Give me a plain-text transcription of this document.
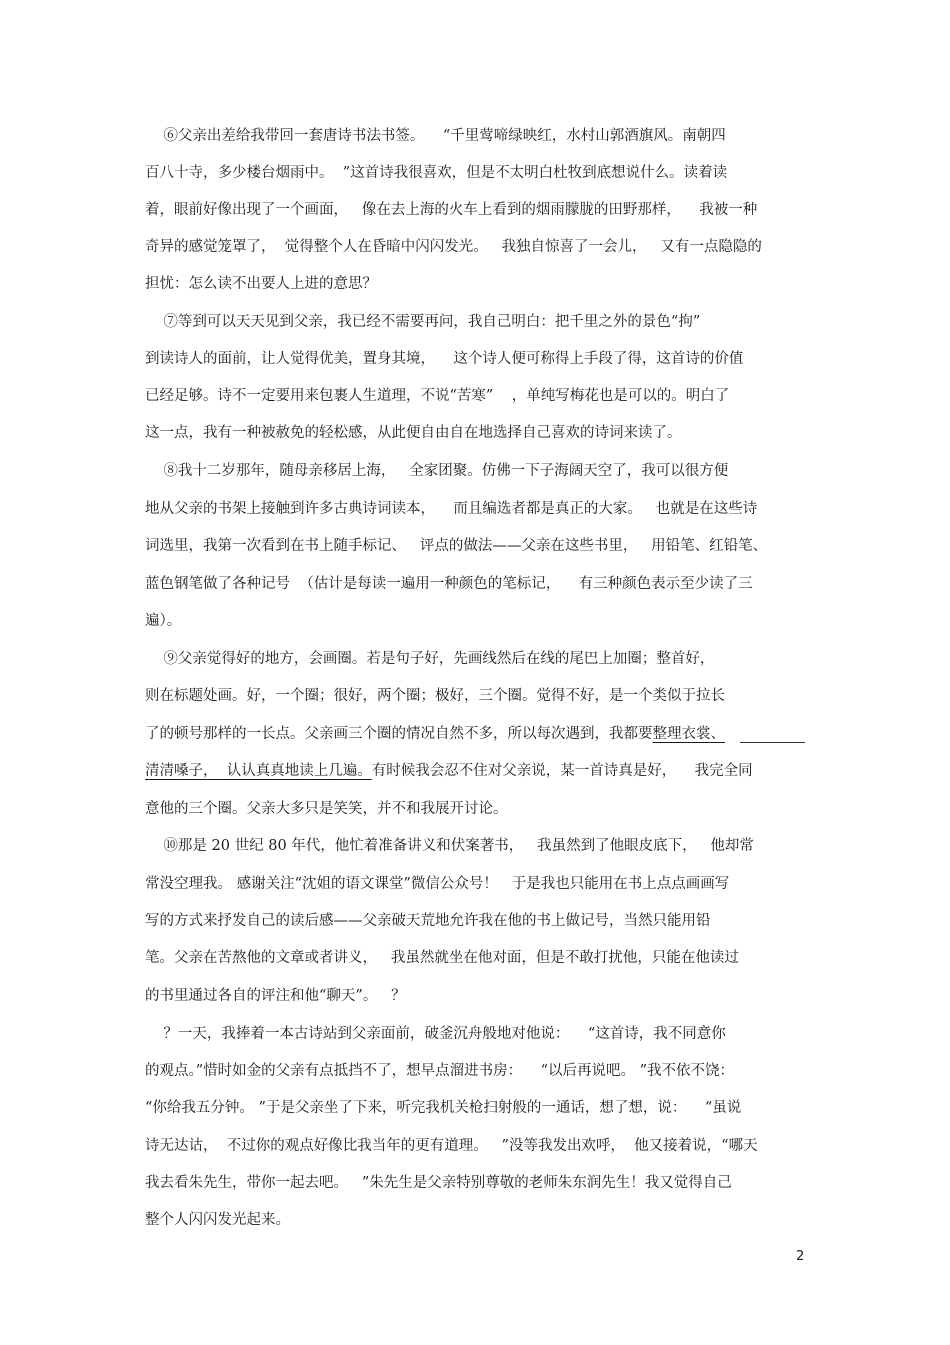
⑥父亲出差给我带回一套唐诗书法书签。    “千里莺啼绿映红，水村山郭酒旗风。南朝四
百八十寺，多少楼台烟雨中。  ”这首诗我很喜欢，但是不太明白杜牧到底想说什么。读着读
着，眼前好像出现了一个画面，   像在去上海的火车上看到的烟雨朦胧的田野那样，    我被一种
奇异的感觉笼罩了，  觉得整个人在昏暗中闪闪发光。   我独自惊喜了一会儿，   又有一点隐隐的
担忧：怎么读不出要人上进的意思？
⑦等到可以天天见到父亲，我已经不需要再问，我自己明白：把千里之外的景色“拘”
到读诗人的面前，让人觉得优美，置身其境，    这个诗人便可称得上手段了得，这首诗的价值
已经足够。诗不一定要用来包裹人生道理，不说“苦寒”    ，单纯写梅花也是可以的。明白了
这一点，我有一种被赦免的轻松感，从此便自由自在地选择自己喜欢的诗词来读了。
⑧我十二岁那年，随母亲移居上海，   全家团聚。仿佛一下子海阔天空了，我可以很方便
地从父亲的书架上接触到许多古典诗词读本，    而且编选者都是真正的大家。   也就是在这些诗
词选里，我第一次看到在书上随手标记、   评点的做法——父亲在这些书里，   用铅笔、红铅笔、
蓝色钢笔做了各种记号  （估计是每读一遍用一种颜色的笔标记，    有三种颜色表示至少读了三
遍）。
⑨父亲觉得好的地方，会画圈。若是句子好，先画线然后在线的尾巴上加圈；整首好，
则在标题处画。好，一个圈；很好，两个圈；极好，三个圈。觉得不好，是一个类似于拉长
了的顿号那样的一长点。父亲画三个圈的情况自然不多，所以每次遇到，我都要整理衣裳、
清清嗓子，  认认真真地读上几遍。有时候我会忍不住对父亲说，某一首诗真是好，    我完全同
意他的三个圈。父亲大多只是笑笑，并不和我展开讨论。
⑩那是 20 世纪 80 年代，他忙着准备讲义和伏案著书，   我虽然到了他眼皮底下，   他却常
常没空理我。 感谢关注“沈姐的语文课堂”微信公众号！   于是我也只能用在书上点点画画写
写的方式来抒发自己的读后感——父亲破天荒地允许我在他的书上做记号，当然只能用铅
笔。父亲在苦熬他的文章或者讲义，   我虽然就坐在他对面，但是不敢打扰他，只能在他读过
的书里通过各自的评注和他“聊天”。   ？
？一天，我捧着一本古诗站到父亲面前，破釜沉舟般地对他说：    “这首诗，我不同意你
的观点。”惜时如金的父亲有点抵挡不了，想早点溜进书房：    “以后再说吧。 ”我不依不饶：
“你给我五分钟。 ”于是父亲坐了下来，听完我机关枪扫射般的一通话，想了想，说：    “虽说
诗无达诂，  不过你的观点好像比我当年的更有道理。   ”没等我发出欢呼，  他又接着说，“哪天
我去看朱先生，带你一起去吧。   ”朱先生是父亲特别尊敬的老师朱东润先生！我又觉得自己
整个人闪闪发光起来。
2
